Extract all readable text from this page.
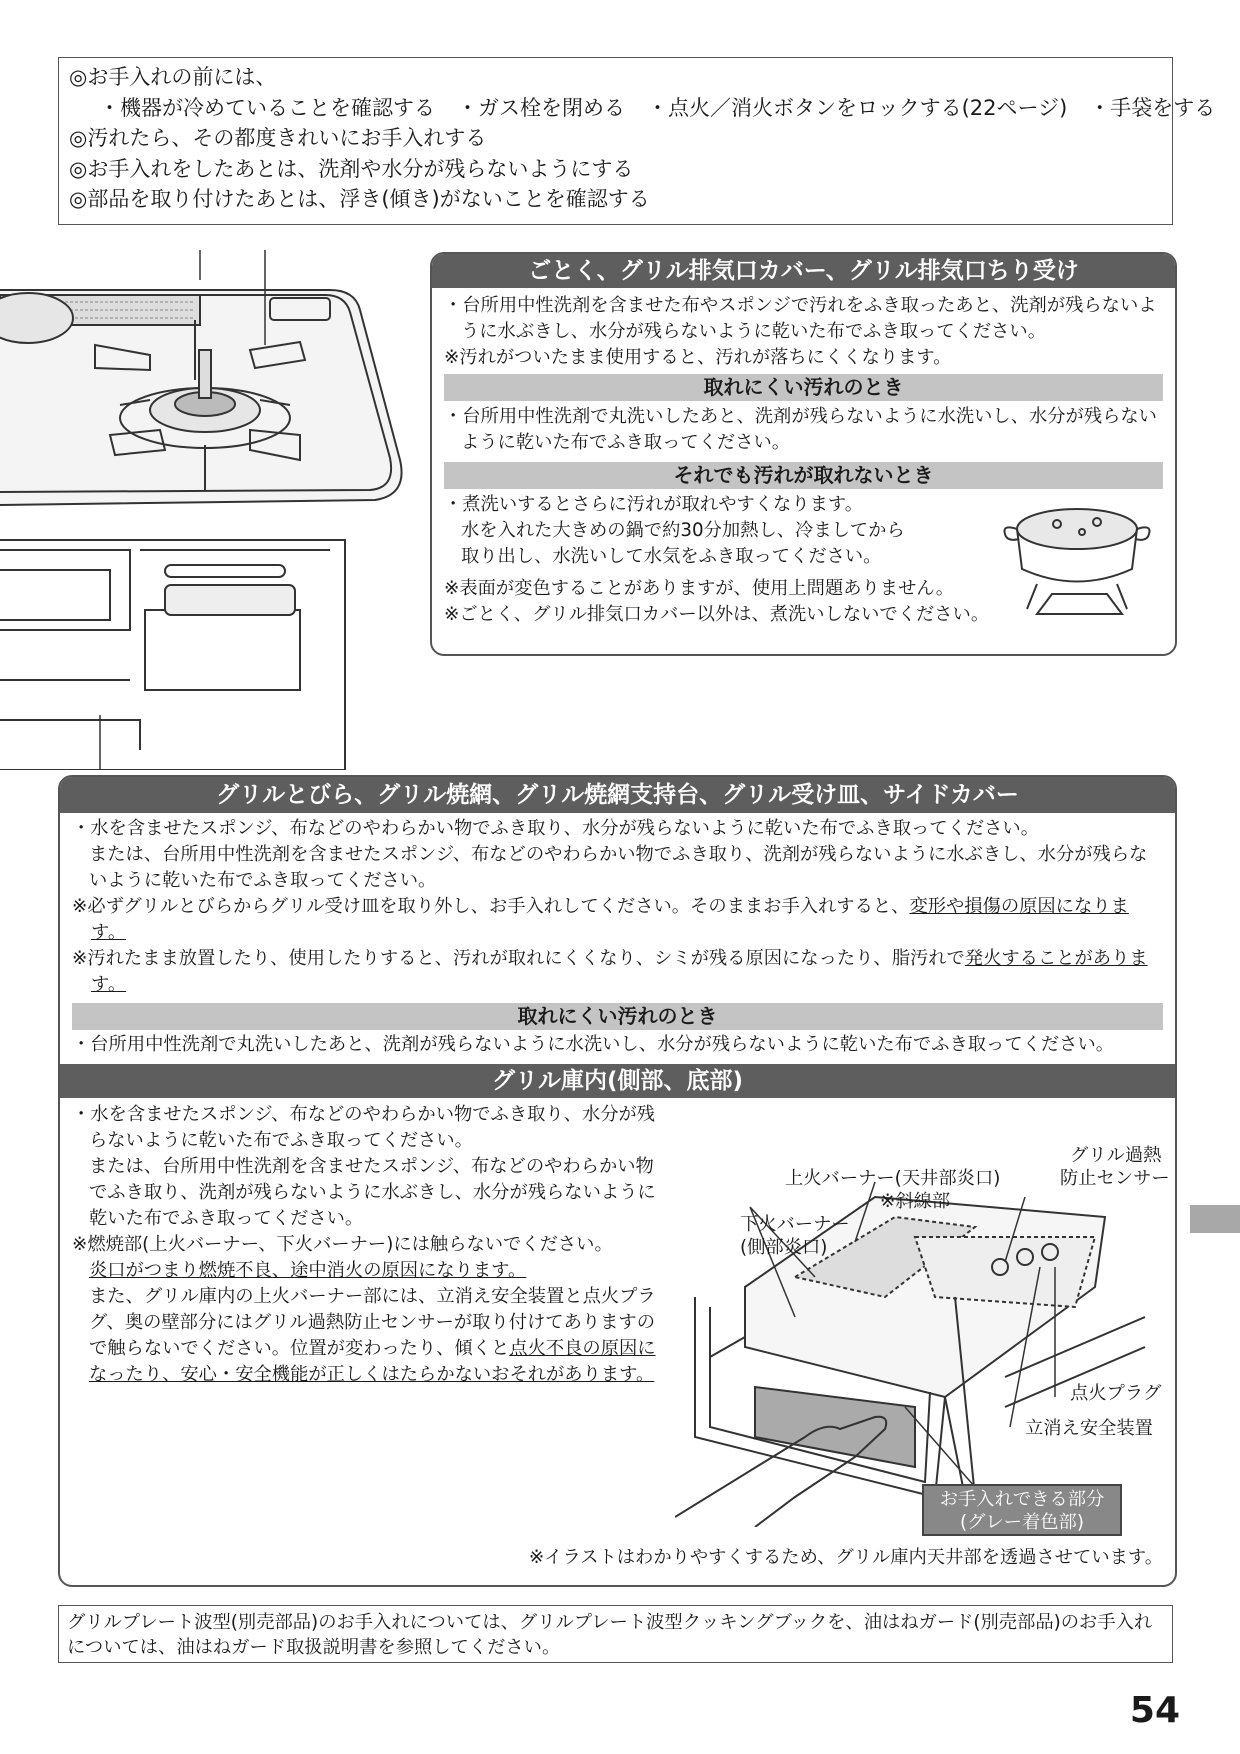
◎お手入れの前には、
・機器が冷めていることを確認する ・ガス栓を閉める ・点火／消火ボタンをロックする(22ページ) ・手袋をする
◎汚れたら、その都度きれいにお手入れする
◎お手入れをしたあとは、洗剤や水分が残らないようにする
◎部品を取り付けたあとは、浮き(傾き)がないことを確認する
ごとく、グリル排気口カバー、グリル排気口ちり受け
・台所用中性洗剤を含ませた布やスポンジで汚れをふき取ったあと、洗剤が残らないように水ぶきし、水分が残らないように乾いた布でふき取ってください。
※汚れがついたまま使用すると、汚れが落ちにくくなります。
取れにくい汚れのとき
・台所用中性洗剤で丸洗いしたあと、洗剤が残らないように水洗いし、水分が残らないように乾いた布でふき取ってください。
それでも汚れが取れないとき
・煮洗いするとさらに汚れが取れやすくなります。
水を入れた大きめの鍋で約30分加熱し、冷ましてから
取り出し、水洗いして水気をふき取ってください。
※表面が変色することがありますが、使用上問題ありません。
※ごとく、グリル排気口カバー以外は、煮洗いしないでください。
グリルとびら、グリル焼網、グリル焼網支持台、グリル受け皿、サイドカバー
・水を含ませたスポンジ、布などのやわらかい物でふき取り、水分が残らないように乾いた布でふき取ってください。
または、台所用中性洗剤を含ませたスポンジ、布などのやわらかい物でふき取り、洗剤が残らないように水ぶきし、水分が残らないように乾いた布でふき取ってください。
※必ずグリルとびらからグリル受け皿を取り外し、お手入れしてください。そのままお手入れすると、変形や損傷の原因になります。
※汚れたまま放置したり、使用したりすると、汚れが取れにくくなり、シミが残る原因になったり、脂汚れで発火することがあります。
取れにくい汚れのとき
・台所用中性洗剤で丸洗いしたあと、洗剤が残らないように水洗いし、水分が残らないように乾いた布でふき取ってください。
グリル庫内(側部、底部)
・水を含ませたスポンジ、布などのやわらかい物でふき取り、水分が残らないように乾いた布でふき取ってください。
または、台所用中性洗剤を含ませたスポンジ、布などのやわらかい物でふき取り、洗剤が残らないように水ぶきし、水分が残らないように乾いた布でふき取ってください。
※燃焼部(上火バーナー、下火バーナー)には触らないでください。
炎口がつまり燃焼不良、途中消火の原因になります。
また、グリル庫内の上火バーナー部には、立消え安全装置と点火プラグ、奥の壁部分にはグリル過熱防止センサーが取り付けてありますので触らないでください。位置が変わったり、傾くと点火不良の原因になったり、安心・安全機能が正しくはたらかないおそれがあります。
上火バーナー(天井部炎口)
※斜線部
下火バーナー
(側部炎口)
グリル過熱
防止センサー
点火プラグ
立消え安全装置
お手入れできる部分
(グレー着色部)
※イラストはわかりやすくするため、グリル庫内天井部を透過させています。
グリルプレート波型(別売部品)のお手入れについては、グリルプレート波型クッキングブックを、油はねガード(別売部品)のお手入れについては、油はねガード取扱説明書を参照してください。
54
